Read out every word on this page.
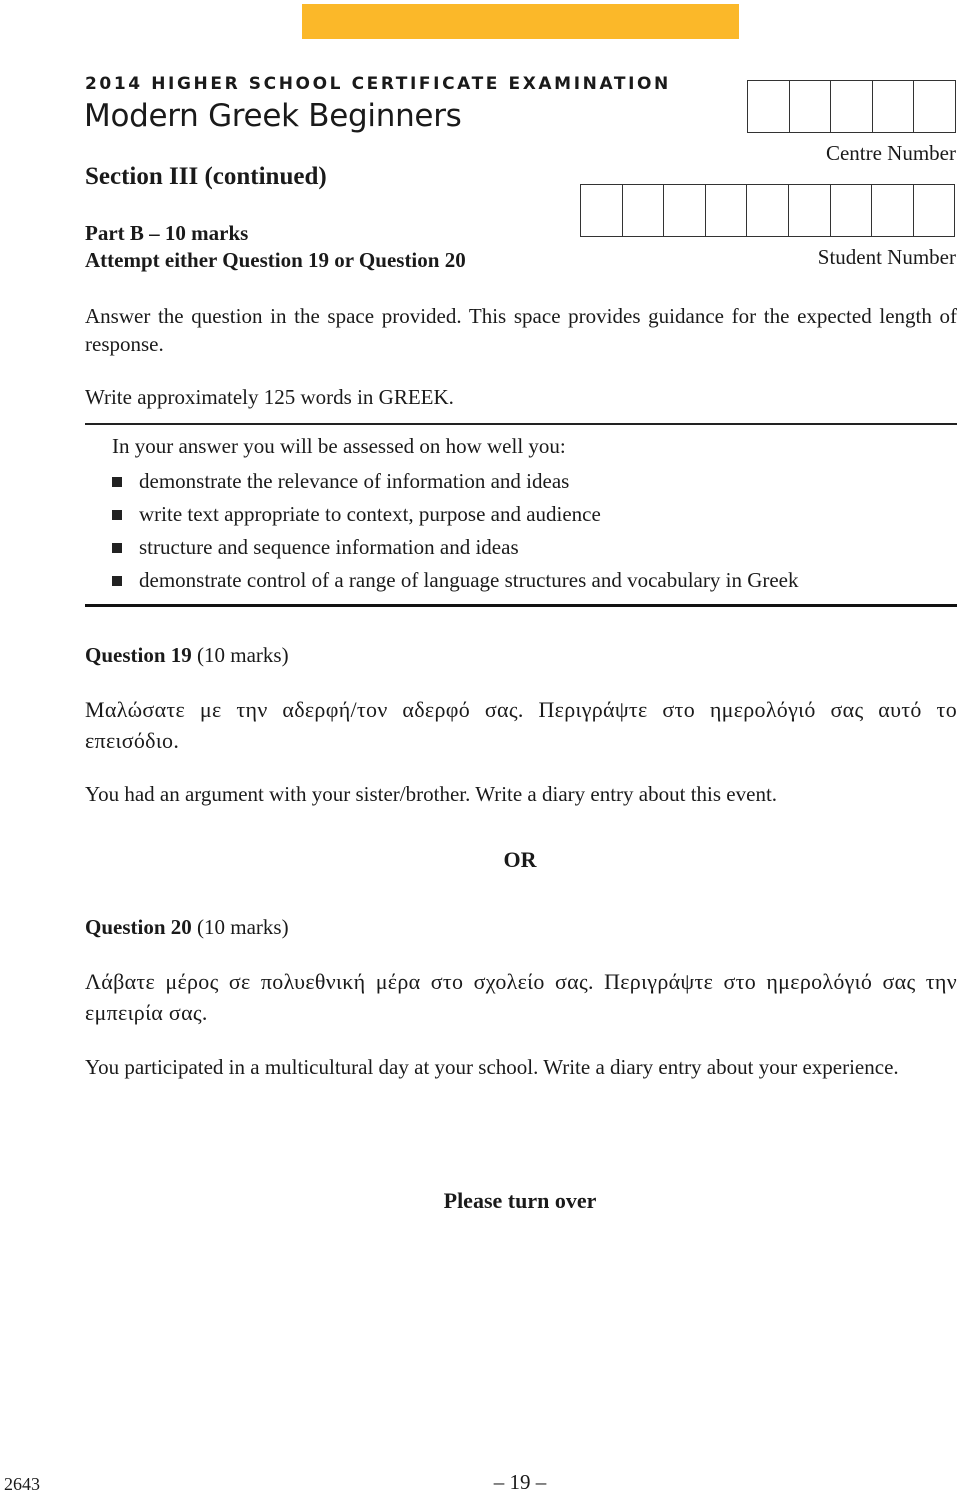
2014 HIGHER SCHOOL CERTIFICATE EXAMINATION
Modern Greek Beginners
Section III (continued)
Part B – 10 marks
Attempt either Question 19 or Question 20
Centre Number
Student Number
Answer the question in the space provided. This space provides guidance for the expected length of response.
Write approximately 125 words in GREEK.
In your answer you will be assessed on how well you:
demonstrate the relevance of information and ideas
write text appropriate to context, purpose and audience
structure and sequence information and ideas
demonstrate control of a range of language structures and vocabulary in Greek
Question 19 (10 marks)
Μαλώσατε με την αδερφή/τον αδερφό σας. Περιγράψτε στο ημερολόγιό σας αυτό το επεισόδιο.
You had an argument with your sister/brother. Write a diary entry about this event.
OR
Question 20 (10 marks)
Λάβατε μέρος σε πολυεθνική μέρα στο σχολείο σας. Περιγράψτε στο ημερολόγιό σας την εμπειρία σας.
You participated in a multicultural day at your school. Write a diary entry about your experience.
Please turn over
2643	– 19 –
